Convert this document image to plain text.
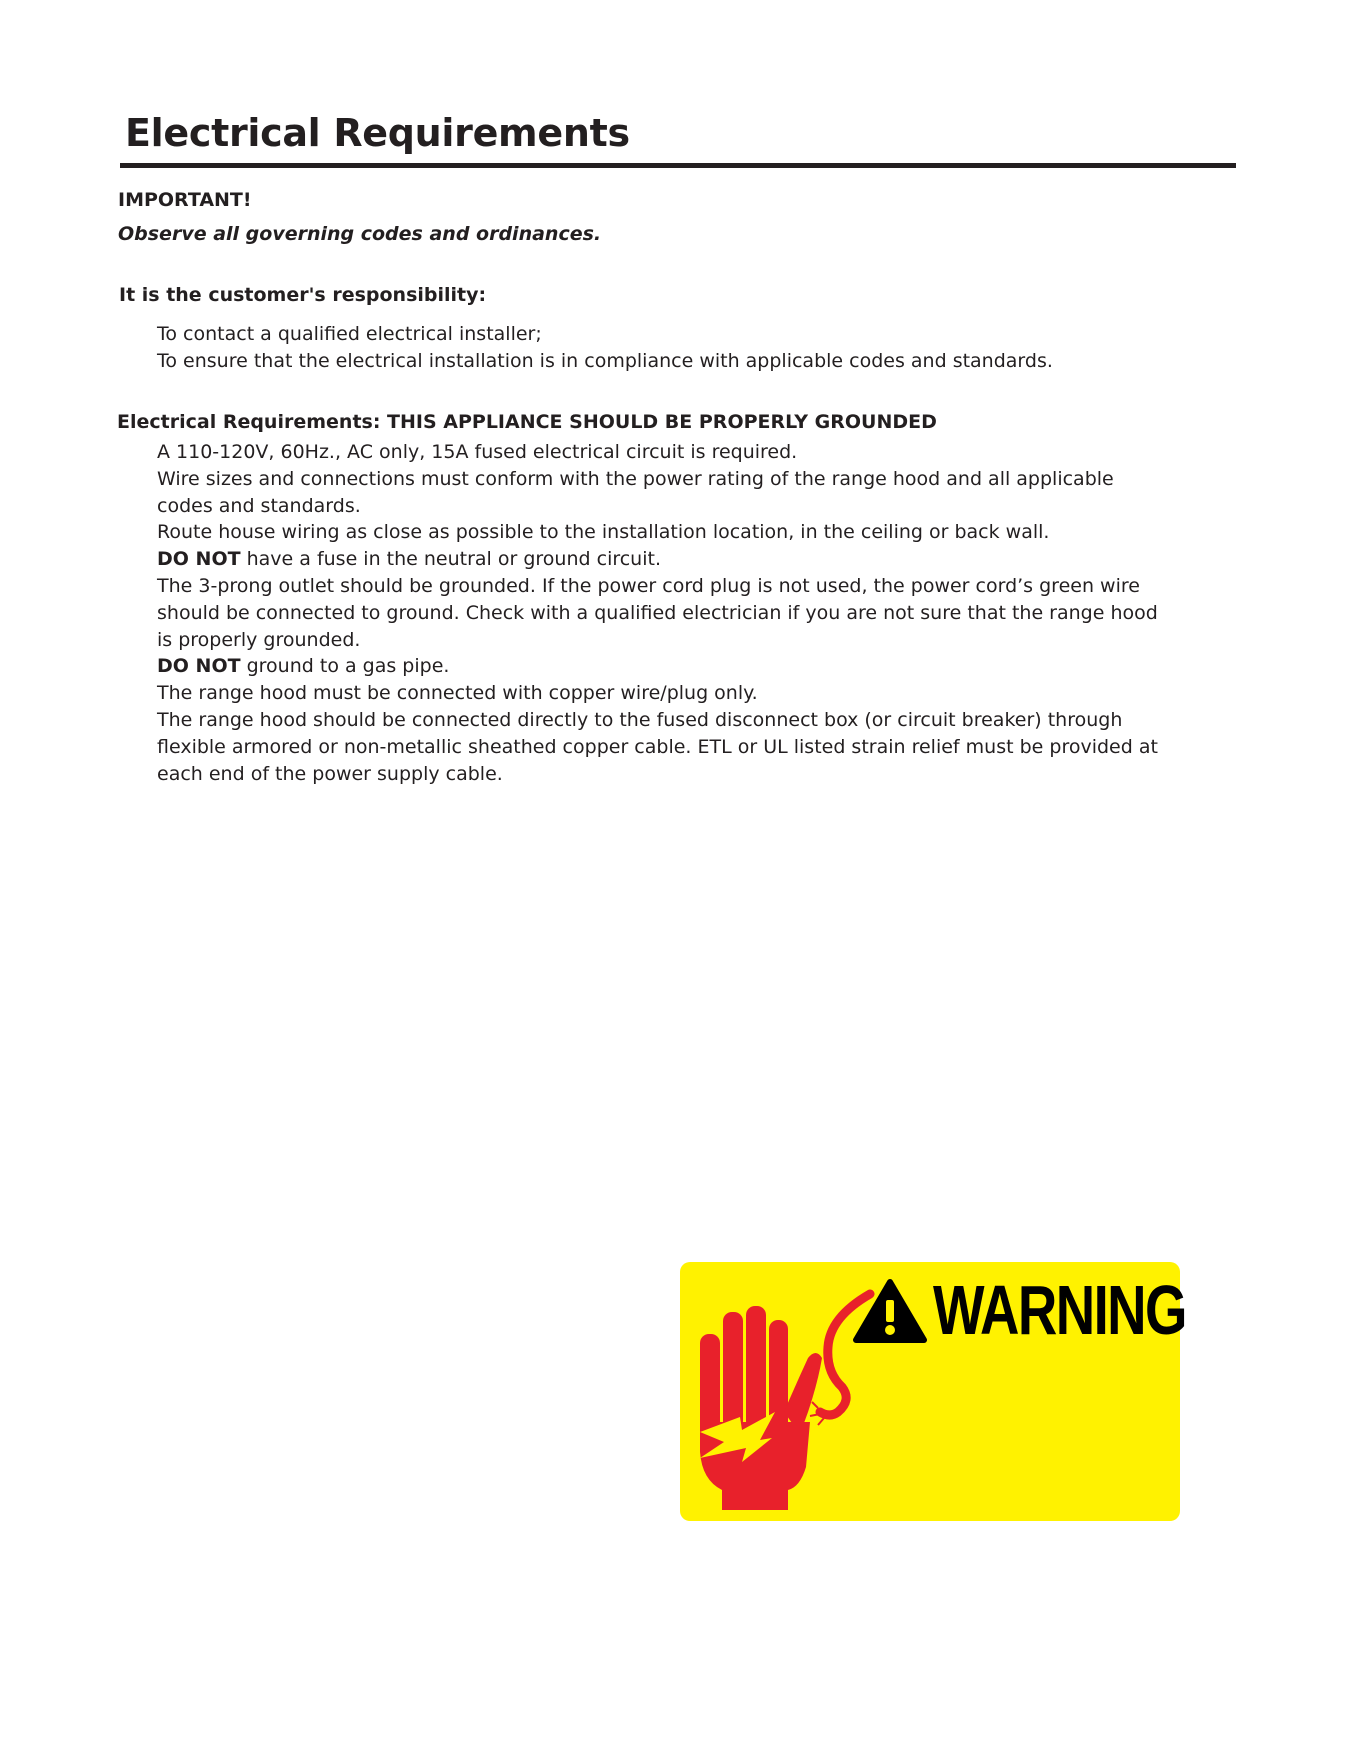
Electrical Requirements
IMPORTANT!
Observe all governing codes and ordinances.
It is the customer's responsibility:
To contact a qualified electrical installer;
To ensure that the electrical installation is in compliance with applicable codes and standards.
Electrical Requirements: THIS APPLIANCE SHOULD BE PROPERLY GROUNDED
A 110-120V, 60Hz., AC only, 15A fused electrical circuit is required.
Wire sizes and connections must conform with the power rating of the range hood and all applicable codes and standards.
Route house wiring as close as possible to the installation location, in the ceiling or back wall.
DO NOT have a fuse in the neutral or ground circuit.
The 3-prong outlet should be grounded. If the power cord plug is not used, the power cord’s green wire should be connected to ground. Check with a qualified electrician if you are not sure that the range hood is properly grounded.
DO NOT ground to a gas pipe.
The range hood must be connected with copper wire/plug only.
The range hood should be connected directly to the fused disconnect box (or circuit breaker) through flexible armored or non-metallic sheathed copper cable. ETL or UL listed strain relief must be provided at each end of the power supply cable.
WARNING
